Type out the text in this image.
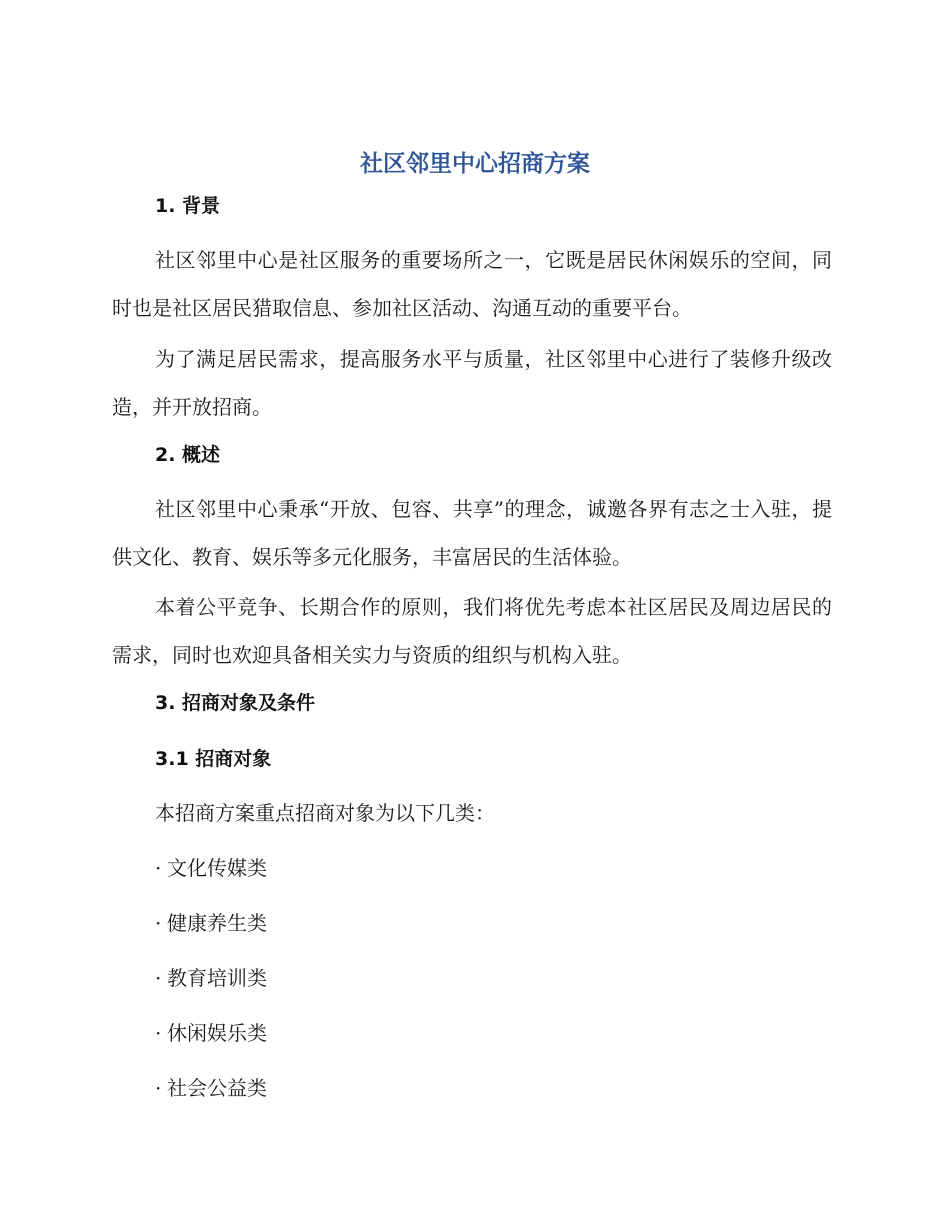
社区邻里中心招商方案
1. 背景

社区邻里中心是社区服务的重要场所之一，它既是居民休闲娱乐的空间，同时也是社区居民猎取信息、参加社区活动、沟通互动的重要平台。

为了满足居民需求，提高服务水平与质量，社区邻里中心进行了装修升级改造，并开放招商。

2. 概述

社区邻里中心秉承“开放、包容、共享”的理念，诚邀各界有志之士入驻，提供文化、教育、娱乐等多元化服务，丰富居民的生活体验。

本着公平竞争、长期合作的原则，我们将优先考虑本社区居民及周边居民的需求，同时也欢迎具备相关实力与资质的组织与机构入驻。

3. 招商对象及条件
3.1 招商对象

本招商方案重点招商对象为以下几类：

· 文化传媒类

· 健康养生类

· 教育培训类

· 休闲娱乐类

· 社会公益类
